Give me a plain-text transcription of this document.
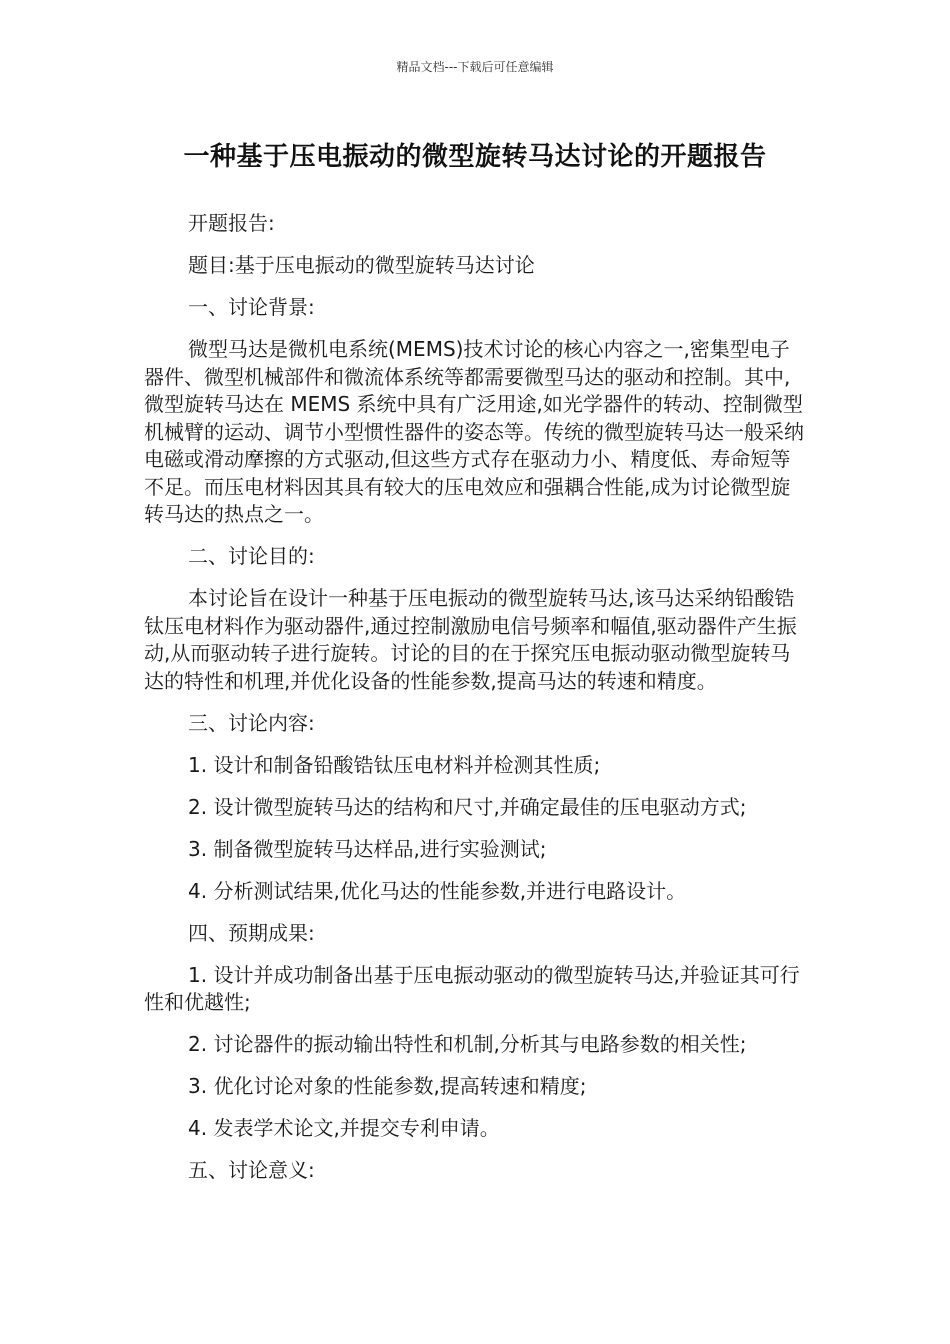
精品文档---下载后可任意编辑
一种基于压电振动的微型旋转马达讨论的开题报告

开题报告:

题目:基于压电振动的微型旋转马达讨论

一、讨论背景:

微型马达是微机电系统(MEMS)技术讨论的核心内容之一,密集型电子器件、微型机械部件和微流体系统等都需要微型马达的驱动和控制。其中,微型旋转马达在 MEMS 系统中具有广泛用途,如光学器件的转动、控制微型机械臂的运动、调节小型惯性器件的姿态等。传统的微型旋转马达一般采纳电磁或滑动摩擦的方式驱动,但这些方式存在驱动力小、精度低、寿命短等不足。而压电材料因其具有较大的压电效应和强耦合性能,成为讨论微型旋转马达的热点之一。

二、讨论目的:

本讨论旨在设计一种基于压电振动的微型旋转马达,该马达采纳铅酸锆钛压电材料作为驱动器件,通过控制激励电信号频率和幅值,驱动器件产生振动,从而驱动转子进行旋转。讨论的目的在于探究压电振动驱动微型旋转马达的特性和机理,并优化设备的性能参数,提高马达的转速和精度。

三、讨论内容:

1. 设计和制备铅酸锆钛压电材料并检测其性质;

2. 设计微型旋转马达的结构和尺寸,并确定最佳的压电驱动方式;

3. 制备微型旋转马达样品,进行实验测试;

4. 分析测试结果,优化马达的性能参数,并进行电路设计。

四、预期成果:

1. 设计并成功制备出基于压电振动驱动的微型旋转马达,并验证其可行性和优越性;

2. 讨论器件的振动输出特性和机制,分析其与电路参数的相关性;

3. 优化讨论对象的性能参数,提高转速和精度;

4. 发表学术论文,并提交专利申请。

五、讨论意义:
